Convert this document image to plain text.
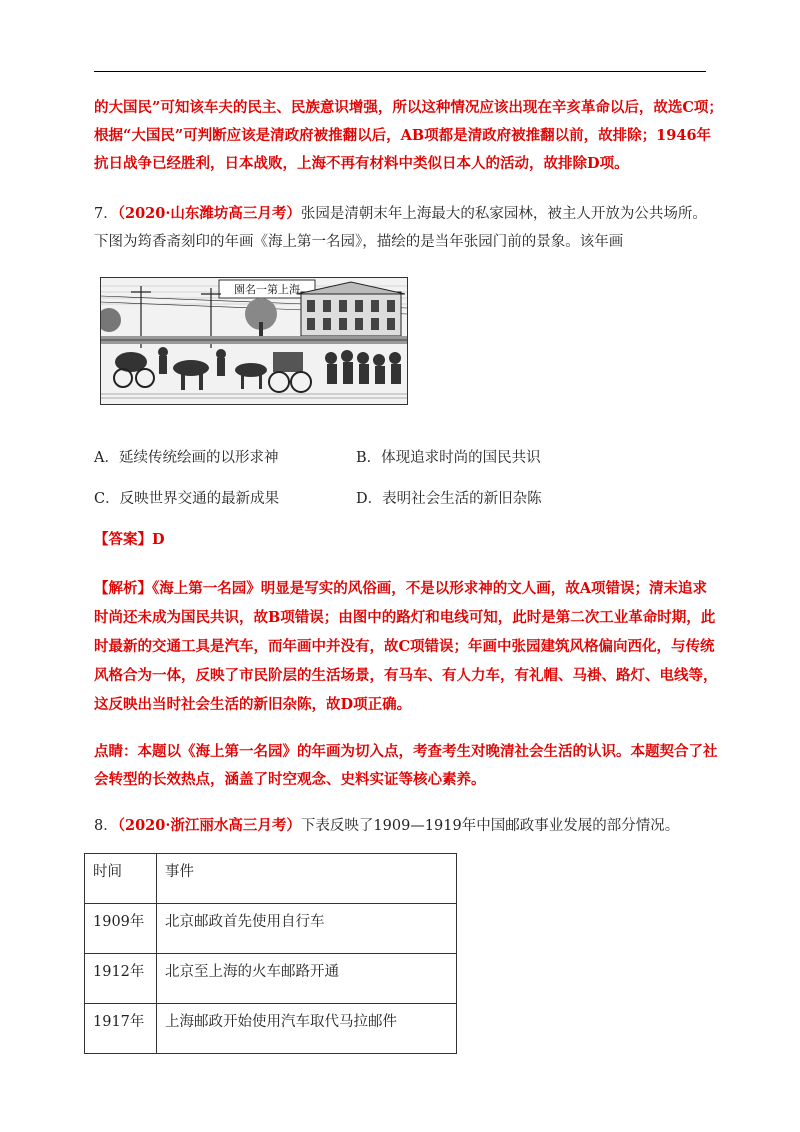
的大国民”可知该车夫的民主、民族意识增强，所以这种情况应该出现在辛亥革命以后，故选C项；
根据“大国民”可判断应该是清政府被推翻以后，AB项都是清政府被推翻以前，故排除；1946年
抗日战争已经胜利，日本战败，上海不再有材料中类似日本人的活动，故排除D项。
7．（2020·山东潍坊高三月考）张园是清朝末年上海最大的私家园林，被主人开放为公共场所。
下图为筠香斋刻印的年画《海上第一名园》，描绘的是当年张园门前的景象。该年画
園名一第上海
A．延续传统绘画的以形求神	B．体现追求时尚的国民共识
C．反映世界交通的最新成果	D．表明社会生活的新旧杂陈
【答案】D
【解析】《海上第一名园》明显是写实的风俗画，不是以形求神的文人画，故A项错误；清末追求
时尚还未成为国民共识，故B项错误；由图中的路灯和电线可知，此时是第二次工业革命时期，此
时最新的交通工具是汽车，而年画中并没有，故C项错误；年画中张园建筑风格偏向西化，与传统
风格合为一体，反映了市民阶层的生活场景，有马车、有人力车，有礼帽、马褂、路灯、电线等，
这反映出当时社会生活的新旧杂陈，故D项正确。
点睛：本题以《海上第一名园》的年画为切入点，考查考生对晚清社会生活的认识。本题契合了社
会转型的长效热点，涵盖了时空观念、史料实证等核心素养。
8．（2020·浙江丽水高三月考）下表反映了1909—1919年中国邮政事业发展的部分情况。
时间	事件
1909年	北京邮政首先使用自行车
1912年	北京至上海的火车邮路开通
1917年	上海邮政开始使用汽车取代马拉邮件
